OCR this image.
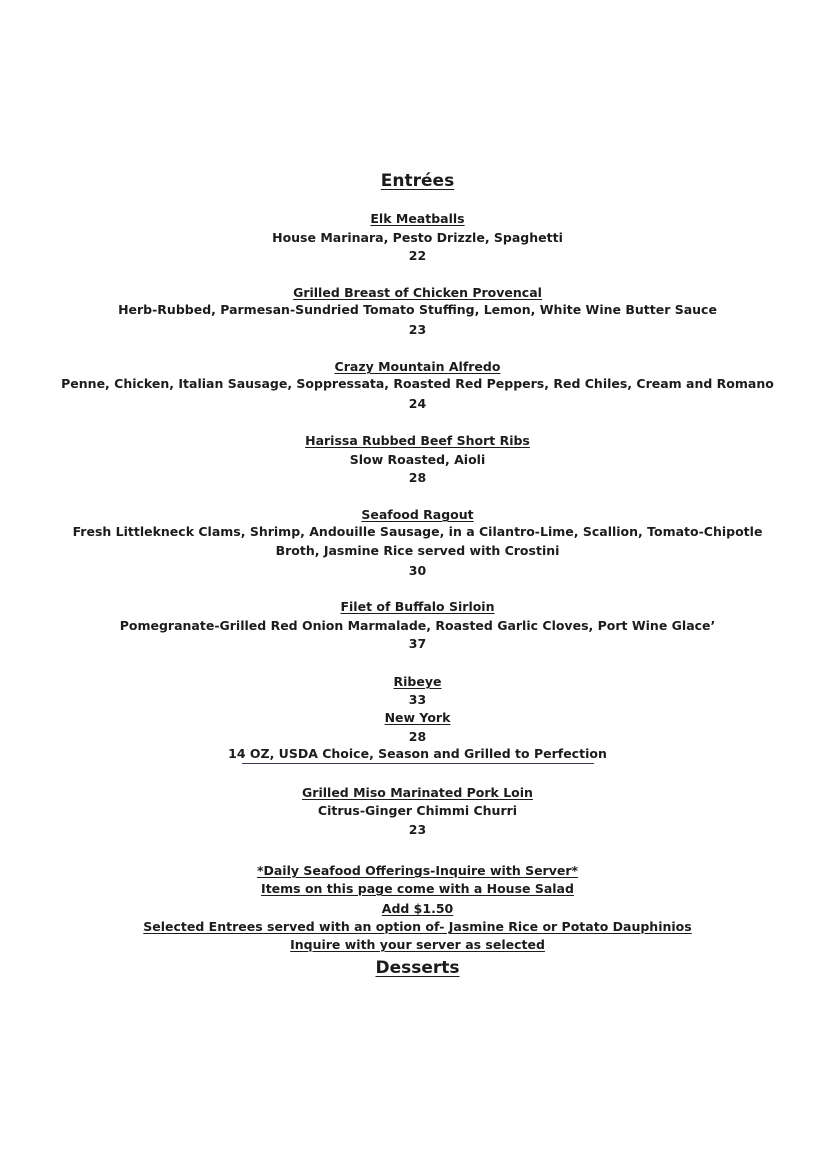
Entrées
Elk Meatballs
House Marinara, Pesto Drizzle, Spaghetti
22
Grilled Breast of Chicken Provencal
Herb-Rubbed, Parmesan-Sundried Tomato Stuffing, Lemon, White Wine Butter Sauce
23
Crazy Mountain Alfredo
Penne, Chicken, Italian Sausage, Soppressata, Roasted Red Peppers, Red Chiles, Cream and Romano
24
Harissa Rubbed Beef Short Ribs
Slow Roasted, Aioli
28
Seafood Ragout
Fresh Littlekneck Clams, Shrimp, Andouille Sausage, in a Cilantro-Lime, Scallion, Tomato-Chipotle
Broth, Jasmine Rice served with Crostini
30
Filet of Buffalo Sirloin
Pomegranate-Grilled Red Onion Marmalade, Roasted Garlic Cloves, Port Wine Glace’
37
Ribeye
33
New York
28
14 OZ, USDA Choice, Season and Grilled to Perfection
Grilled Miso Marinated Pork Loin
Citrus-Ginger Chimmi Churri
23
*Daily Seafood Offerings-Inquire with Server*
Items on this page come with a House Salad
Add $1.50
Selected Entrees served with an option of- Jasmine Rice or Potato Dauphinios
Inquire with your server as selected
Desserts
